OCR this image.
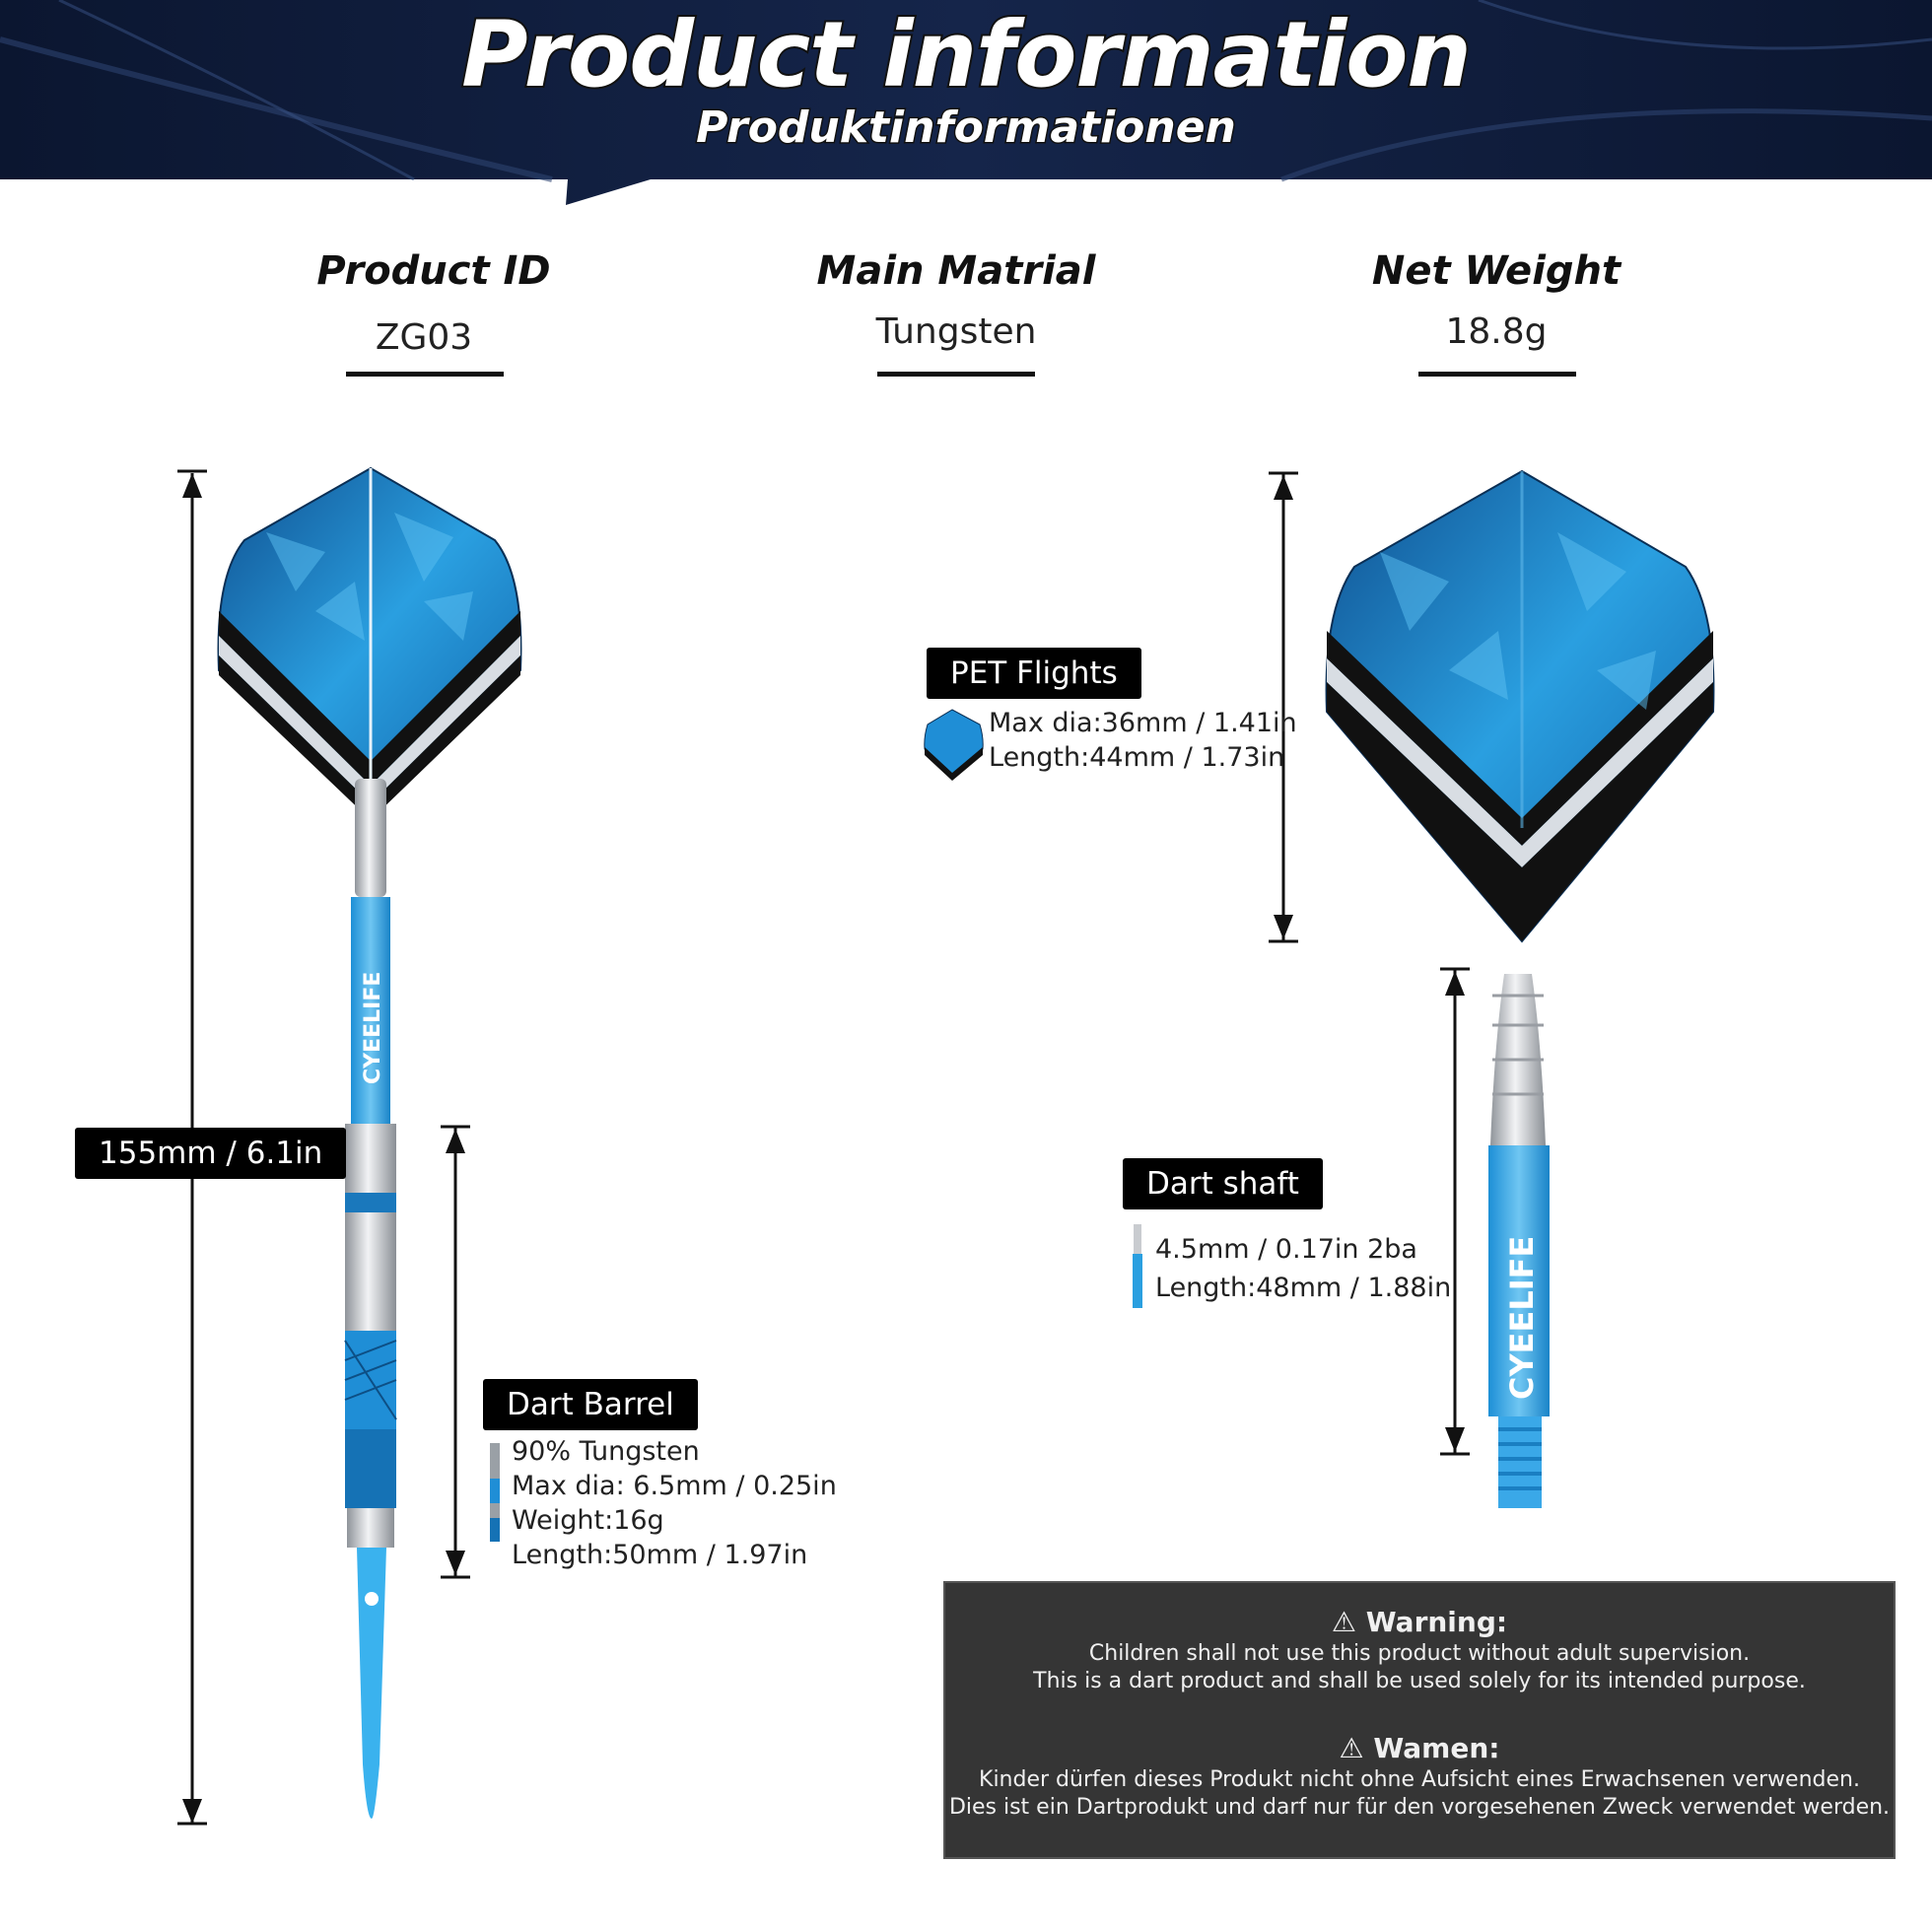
Product information
Produktinformationen
Product ID
ZG03
Main Matrial
Tungsten
Net Weight
18.8g
CYEELIFE
CYEELIFE
155mm / 6.1in
Dart Barrel
90% Tungsten
Max dia: 6.5mm / 0.25in
Weight:16g
Length:50mm / 1.97in
PET Flights
Max dia:36mm / 1.41in
Length:44mm / 1.73in
Dart shaft
4.5mm / 0.17in 2ba
Length:48mm / 1.88in
⚠ Warning:
Children shall not use this product without adult supervision.
This is a dart product and shall be used solely for its intended purpose.
⚠ Wamen:
Kinder dürfen dieses Produkt nicht ohne Aufsicht eines Erwachsenen verwenden.
Dies ist ein Dartprodukt und darf nur für den vorgesehenen Zweck verwendet werden.
